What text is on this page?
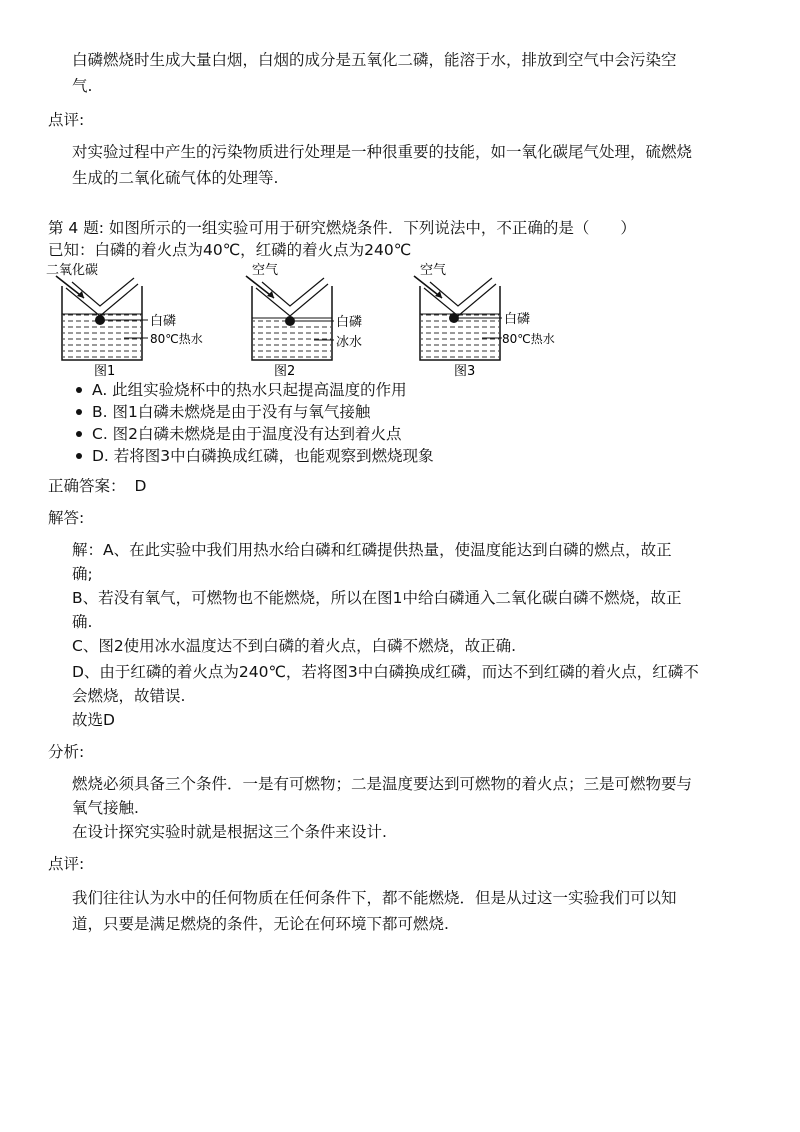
白磷燃烧时生成大量白烟，白烟的成分是五氧化二磷，能溶于水，排放到空气中会污染空
气.
点评:
对实验过程中产生的污染物质进行处理是一种很重要的技能，如一氧化碳尾气处理，硫燃烧
生成的二氧化硫气体的处理等.
第 4 题: 如图所示的一组实验可用于研究燃烧条件．下列说法中，不正确的是（　　）
已知：白磷的着火点为40℃，红磷的着火点为240℃
二氧化碳
白磷
80℃热水
图1
空气
白磷
冰水
图2
空气
白磷
80℃热水
图3
A. 此组实验烧杯中的热水只起提高温度的作用
B. 图1白磷未燃烧是由于没有与氧气接触
C. 图2白磷未燃烧是由于温度没有达到着火点
D. 若将图3中白磷换成红磷，也能观察到燃烧现象
正确答案： D
解答:
解：A、在此实验中我们用热水给白磷和红磷提供热量，使温度能达到白磷的燃点，故正
确;
B、若没有氧气，可燃物也不能燃烧，所以在图1中给白磷通入二氧化碳白磷不燃烧，故正
确.
C、图2使用冰水温度达不到白磷的着火点，白磷不燃烧，故正确.
D、由于红磷的着火点为240℃，若将图3中白磷换成红磷，而达不到红磷的着火点，红磷不
会燃烧，故错误.
故选D
分析:
燃烧必须具备三个条件．一是有可燃物；二是温度要达到可燃物的着火点；三是可燃物要与
氧气接触.
在设计探究实验时就是根据这三个条件来设计.
点评:
我们往往认为水中的任何物质在任何条件下，都不能燃烧．但是从过这一实验我们可以知
道，只要是满足燃烧的条件，无论在何环境下都可燃烧.
